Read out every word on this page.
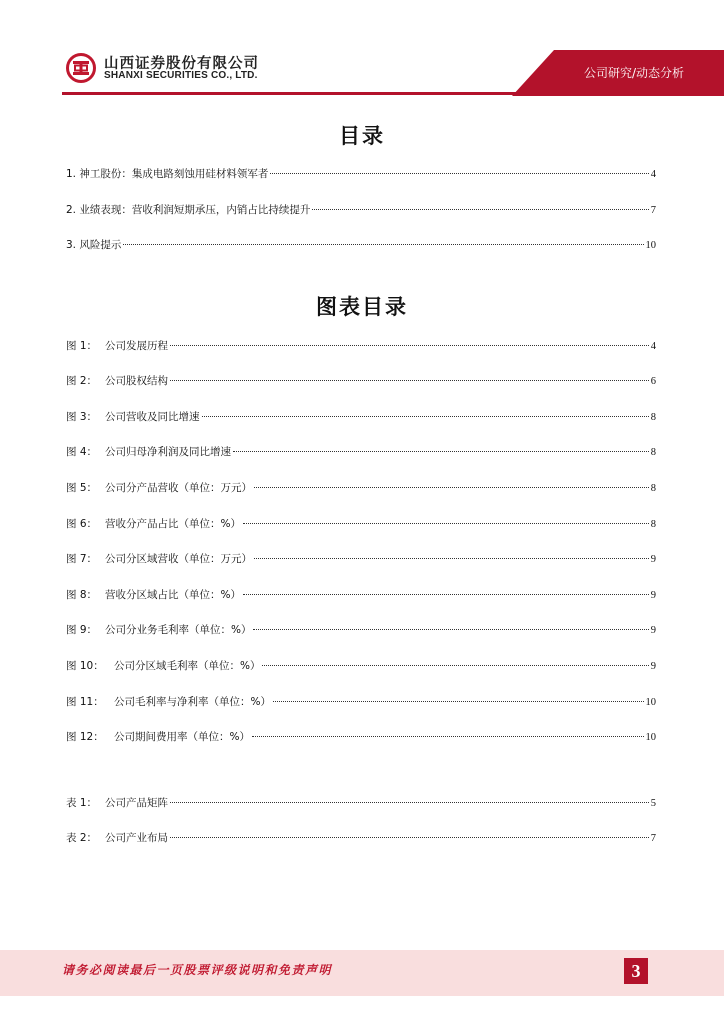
山西证券股份有限公司
SHANXI SECURITIES CO., LTD.	公司研究/动态分析
目录
1. 神工股份：集成电路刻蚀用硅材料领军者	4
2. 业绩表现：营收利润短期承压，内销占比持续提升	7
3. 风险提示	10
图表目录
图 1： 公司发展历程	4
图 2： 公司股权结构	6
图 3： 公司营收及同比增速	8
图 4： 公司归母净利润及同比增速	8
图 5： 公司分产品营收（单位：万元）	8
图 6： 营收分产品占比（单位：%）	8
图 7： 公司分区域营收（单位：万元）	9
图 8： 营收分区域占比（单位：%）	9
图 9： 公司分业务毛利率（单位：%）	9
图 10： 公司分区域毛利率（单位：%）	9
图 11： 公司毛利率与净利率（单位：%）	10
图 12： 公司期间费用率（单位：%）	10
表 1： 公司产品矩阵	5
表 2： 公司产业布局	7
请务必阅读最后一页股票评级说明和免责声明	3
